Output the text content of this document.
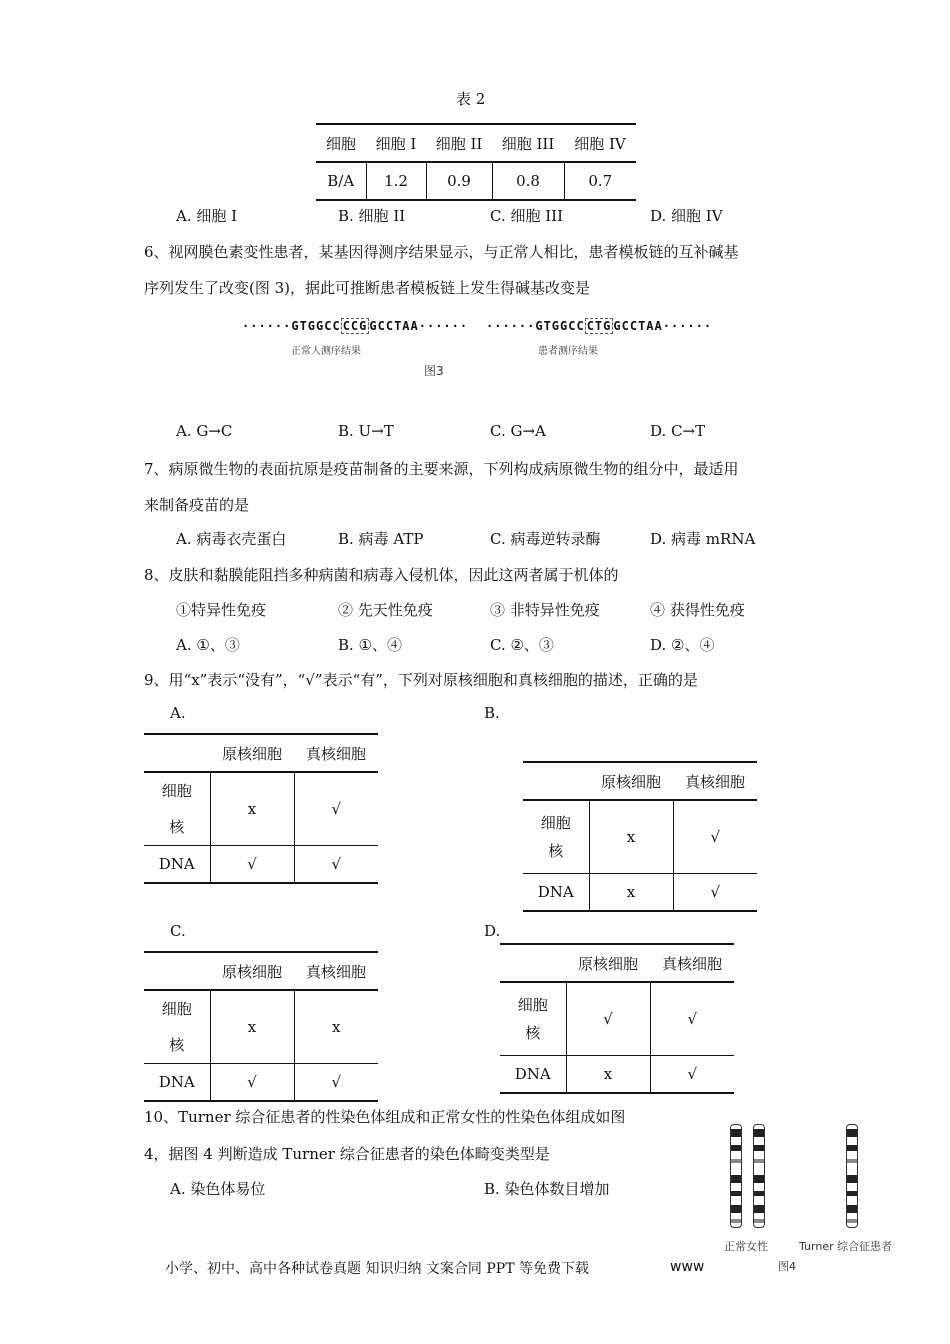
表 2
细胞	细胞 I	细胞 II	细胞 III	细胞 IV
B/A	1.2	0.9	0.8	0.7
A. 细胞 I	B. 细胞 II	C. 细胞 III	D. 细胞 IV
6、视网膜色素变性患者，某基因得测序结果显示，与正常人相比，患者模板链的互补碱基
序列发生了改变(图 3)，据此可推断患者模板链上发生得碱基改变是
······GTGGCC CCG GCCTAA······
正常人测序结果
······GTGGCC CTG GCCTAA······
患者测序结果
图3
A. G→C	B. U→T	C. G→A	D. C→T
7、病原微生物的表面抗原是疫苗制备的主要来源，下列构成病原微生物的组分中，最适用
来制备疫苗的是
A. 病毒衣壳蛋白	B. 病毒 ATP	C. 病毒逆转录酶	D. 病毒 mRNA
8、皮肤和黏膜能阻挡多种病菌和病毒入侵机体，因此这两者属于机体的
①特异性免疫	② 先天性免疫	③ 非特异性免疫	④ 获得性免疫
A. ①、③	B. ①、④	C. ②、③	D. ②、④
9、用“x”表示“没有”，“√”表示“有”，下列对原核细胞和真核细胞的描述，正确的是
A.
	原核细胞	真核细胞
细胞
核	x	√
DNA	√	√
B.
	原核细胞	真核细胞
细胞
核	x	√
DNA	x	√
C.
	原核细胞	真核细胞
细胞
核	x	x
DNA	√	√
D.
	原核细胞	真核细胞
细胞
核	√	√
DNA	x	√
10、Turner 综合征患者的性染色体组成和正常女性的性染色体组成如图
4，据图 4 判断造成 Turner 综合征患者的染色体畸变类型是
A. 染色体易位	B. 染色体数目增加
正常女性	Turner 综合征患者
图4
小学、初中、高中各种试卷真题 知识归纳 文案合同 PPT 等免费下载	www
